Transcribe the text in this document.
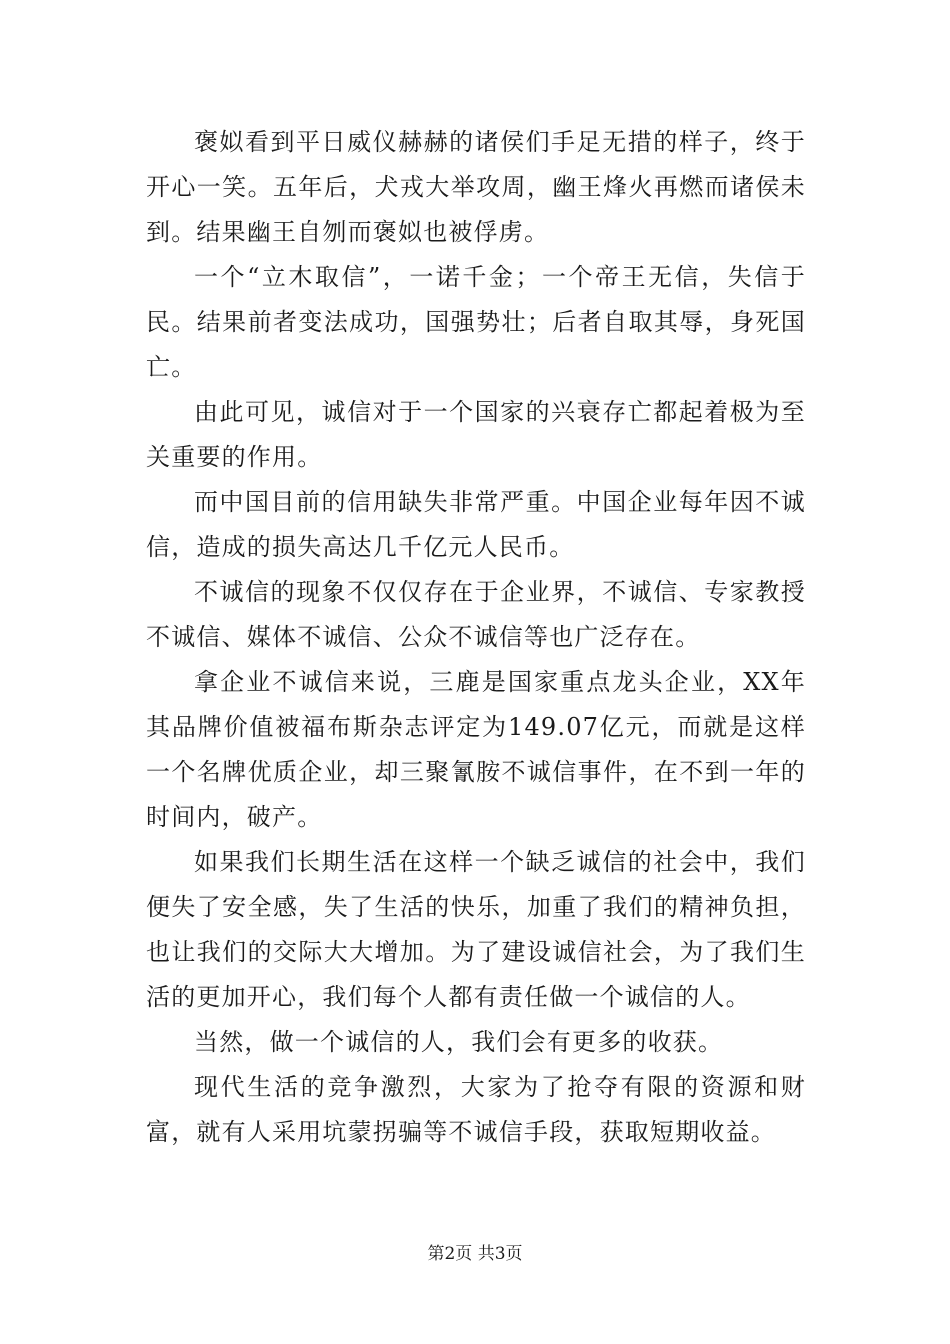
褒姒看到平日威仪赫赫的诸侯们手足无措的样子，终于开心一笑。五年后，犬戎大举攻周，幽王烽火再燃而诸侯未到。结果幽王自刎而褒姒也被俘虏。

一个“立木取信”，一诺千金；一个帝王无信，失信于民。结果前者变法成功，国强势壮；后者自取其辱，身死国亡。

由此可见，诚信对于一个国家的兴衰存亡都起着极为至关重要的作用。

而中国目前的信用缺失非常严重。中国企业每年因不诚信，造成的损失高达几千亿元人民币。

不诚信的现象不仅仅存在于企业界，不诚信、专家教授不诚信、媒体不诚信、公众不诚信等也广泛存在。

拿企业不诚信来说，三鹿是国家重点龙头企业，XX年其品牌价值被福布斯杂志评定为149.07亿元，而就是这样一个名牌优质企业，却三聚氰胺不诚信事件，在不到一年的时间内，破产。

如果我们长期生活在这样一个缺乏诚信的社会中，我们便失了安全感，失了生活的快乐，加重了我们的精神负担，也让我们的交际大大增加。为了建设诚信社会，为了我们生活的更加开心，我们每个人都有责任做一个诚信的人。

当然，做一个诚信的人，我们会有更多的收获。

现代生活的竞争激烈，大家为了抢夺有限的资源和财富，就有人采用坑蒙拐骗等不诚信手段，获取短期收益。

第2页 共3页
